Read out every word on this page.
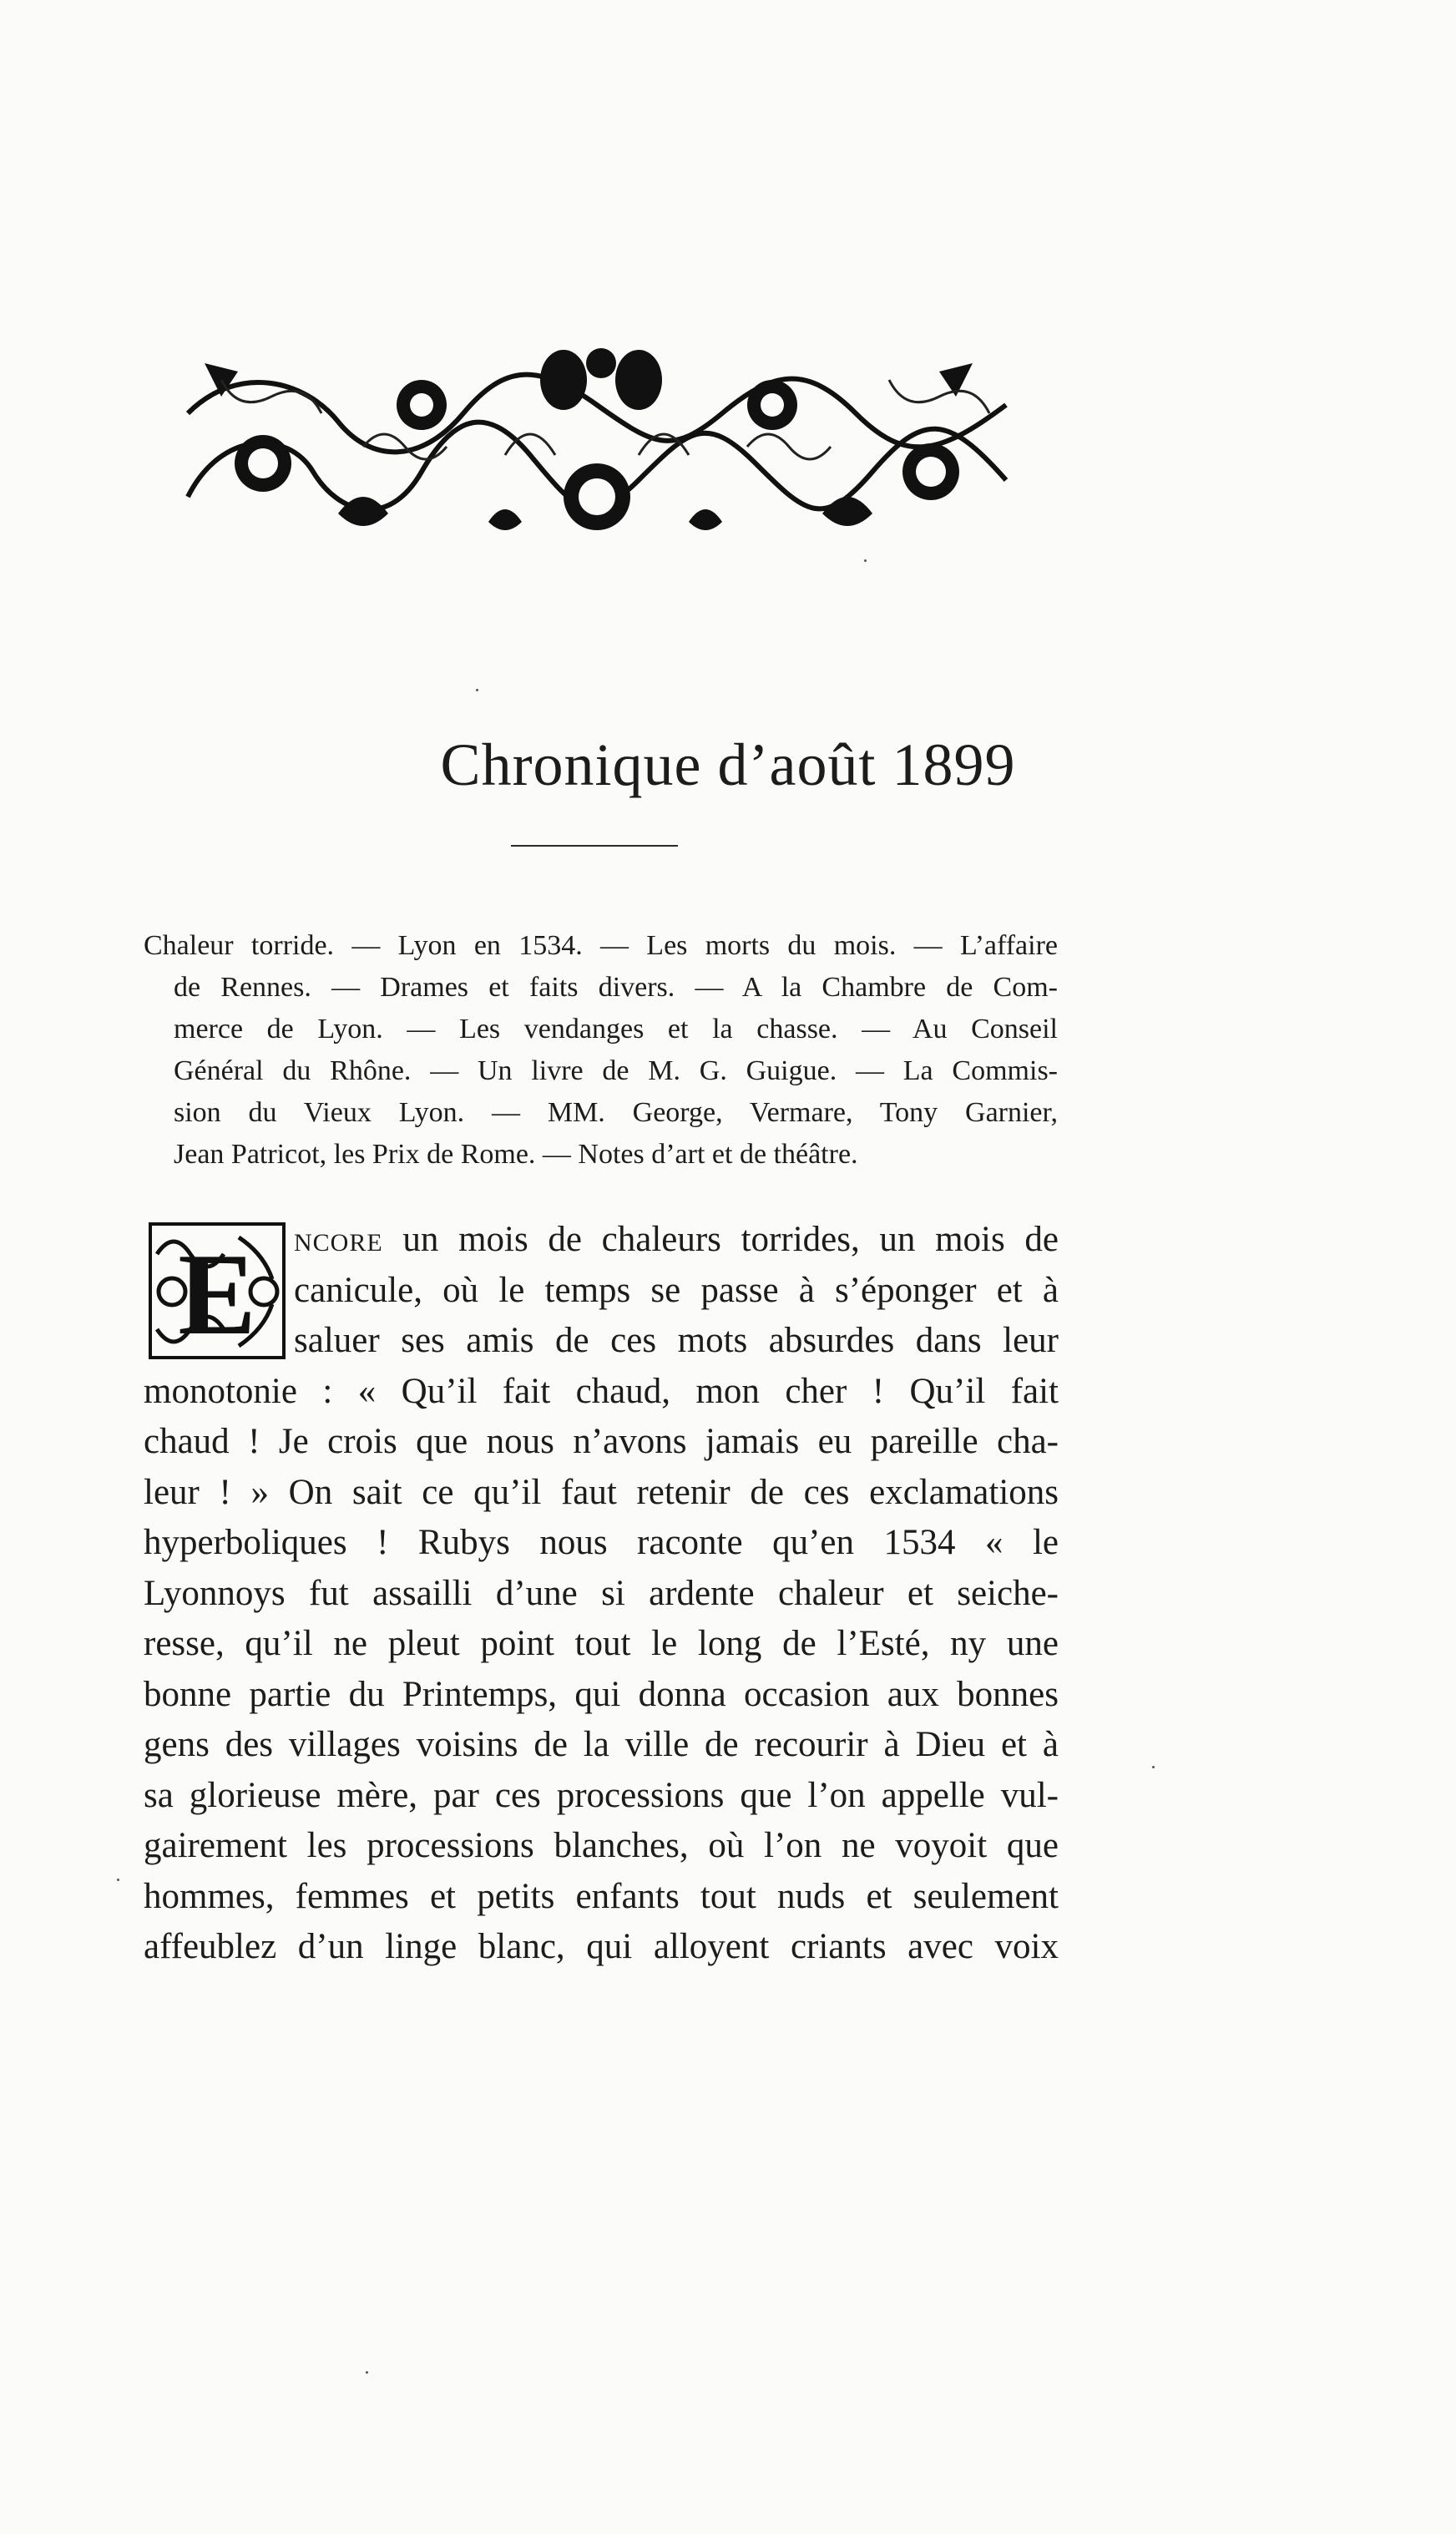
Chronique d’août 1899
Chaleur torride. — Lyon en 1534. — Les morts du mois. — L’affaire
de Rennes. — Drames et faits divers. — A la Chambre de Com-
merce de Lyon. — Les vendanges et la chasse. — Au Conseil
Général du Rhône. — Un livre de M. G. Guigue. — La Commis-
sion du Vieux Lyon. — MM. George, Vermare, Tony Garnier,
Jean Patricot, les Prix de Rome. — Notes d’art et de théâtre.
E ncore un mois de chaleurs torrides, un mois de
canicule, où le temps se passe à s’éponger et à
saluer ses amis de ces mots absurdes dans leur
monotonie : « Qu’il fait chaud, mon cher ! Qu’il fait
chaud ! Je crois que nous n’avons jamais eu pareille cha-
leur ! » On sait ce qu’il faut retenir de ces exclamations
hyperboliques ! Rubys nous raconte qu’en 1534 « le
Lyonnoys fut assailli d’une si ardente chaleur et seiche-
resse, qu’il ne pleut point tout le long de l’Esté, ny une
bonne partie du Printemps, qui donna occasion aux bonnes
gens des villages voisins de la ville de recourir à Dieu et à
sa glorieuse mère, par ces processions que l’on appelle vul-
gairement les processions blanches, où l’on ne voyoit que
hommes, femmes et petits enfants tout nuds et seulement
affeublez d’un linge blanc, qui alloyent criants avec voix
